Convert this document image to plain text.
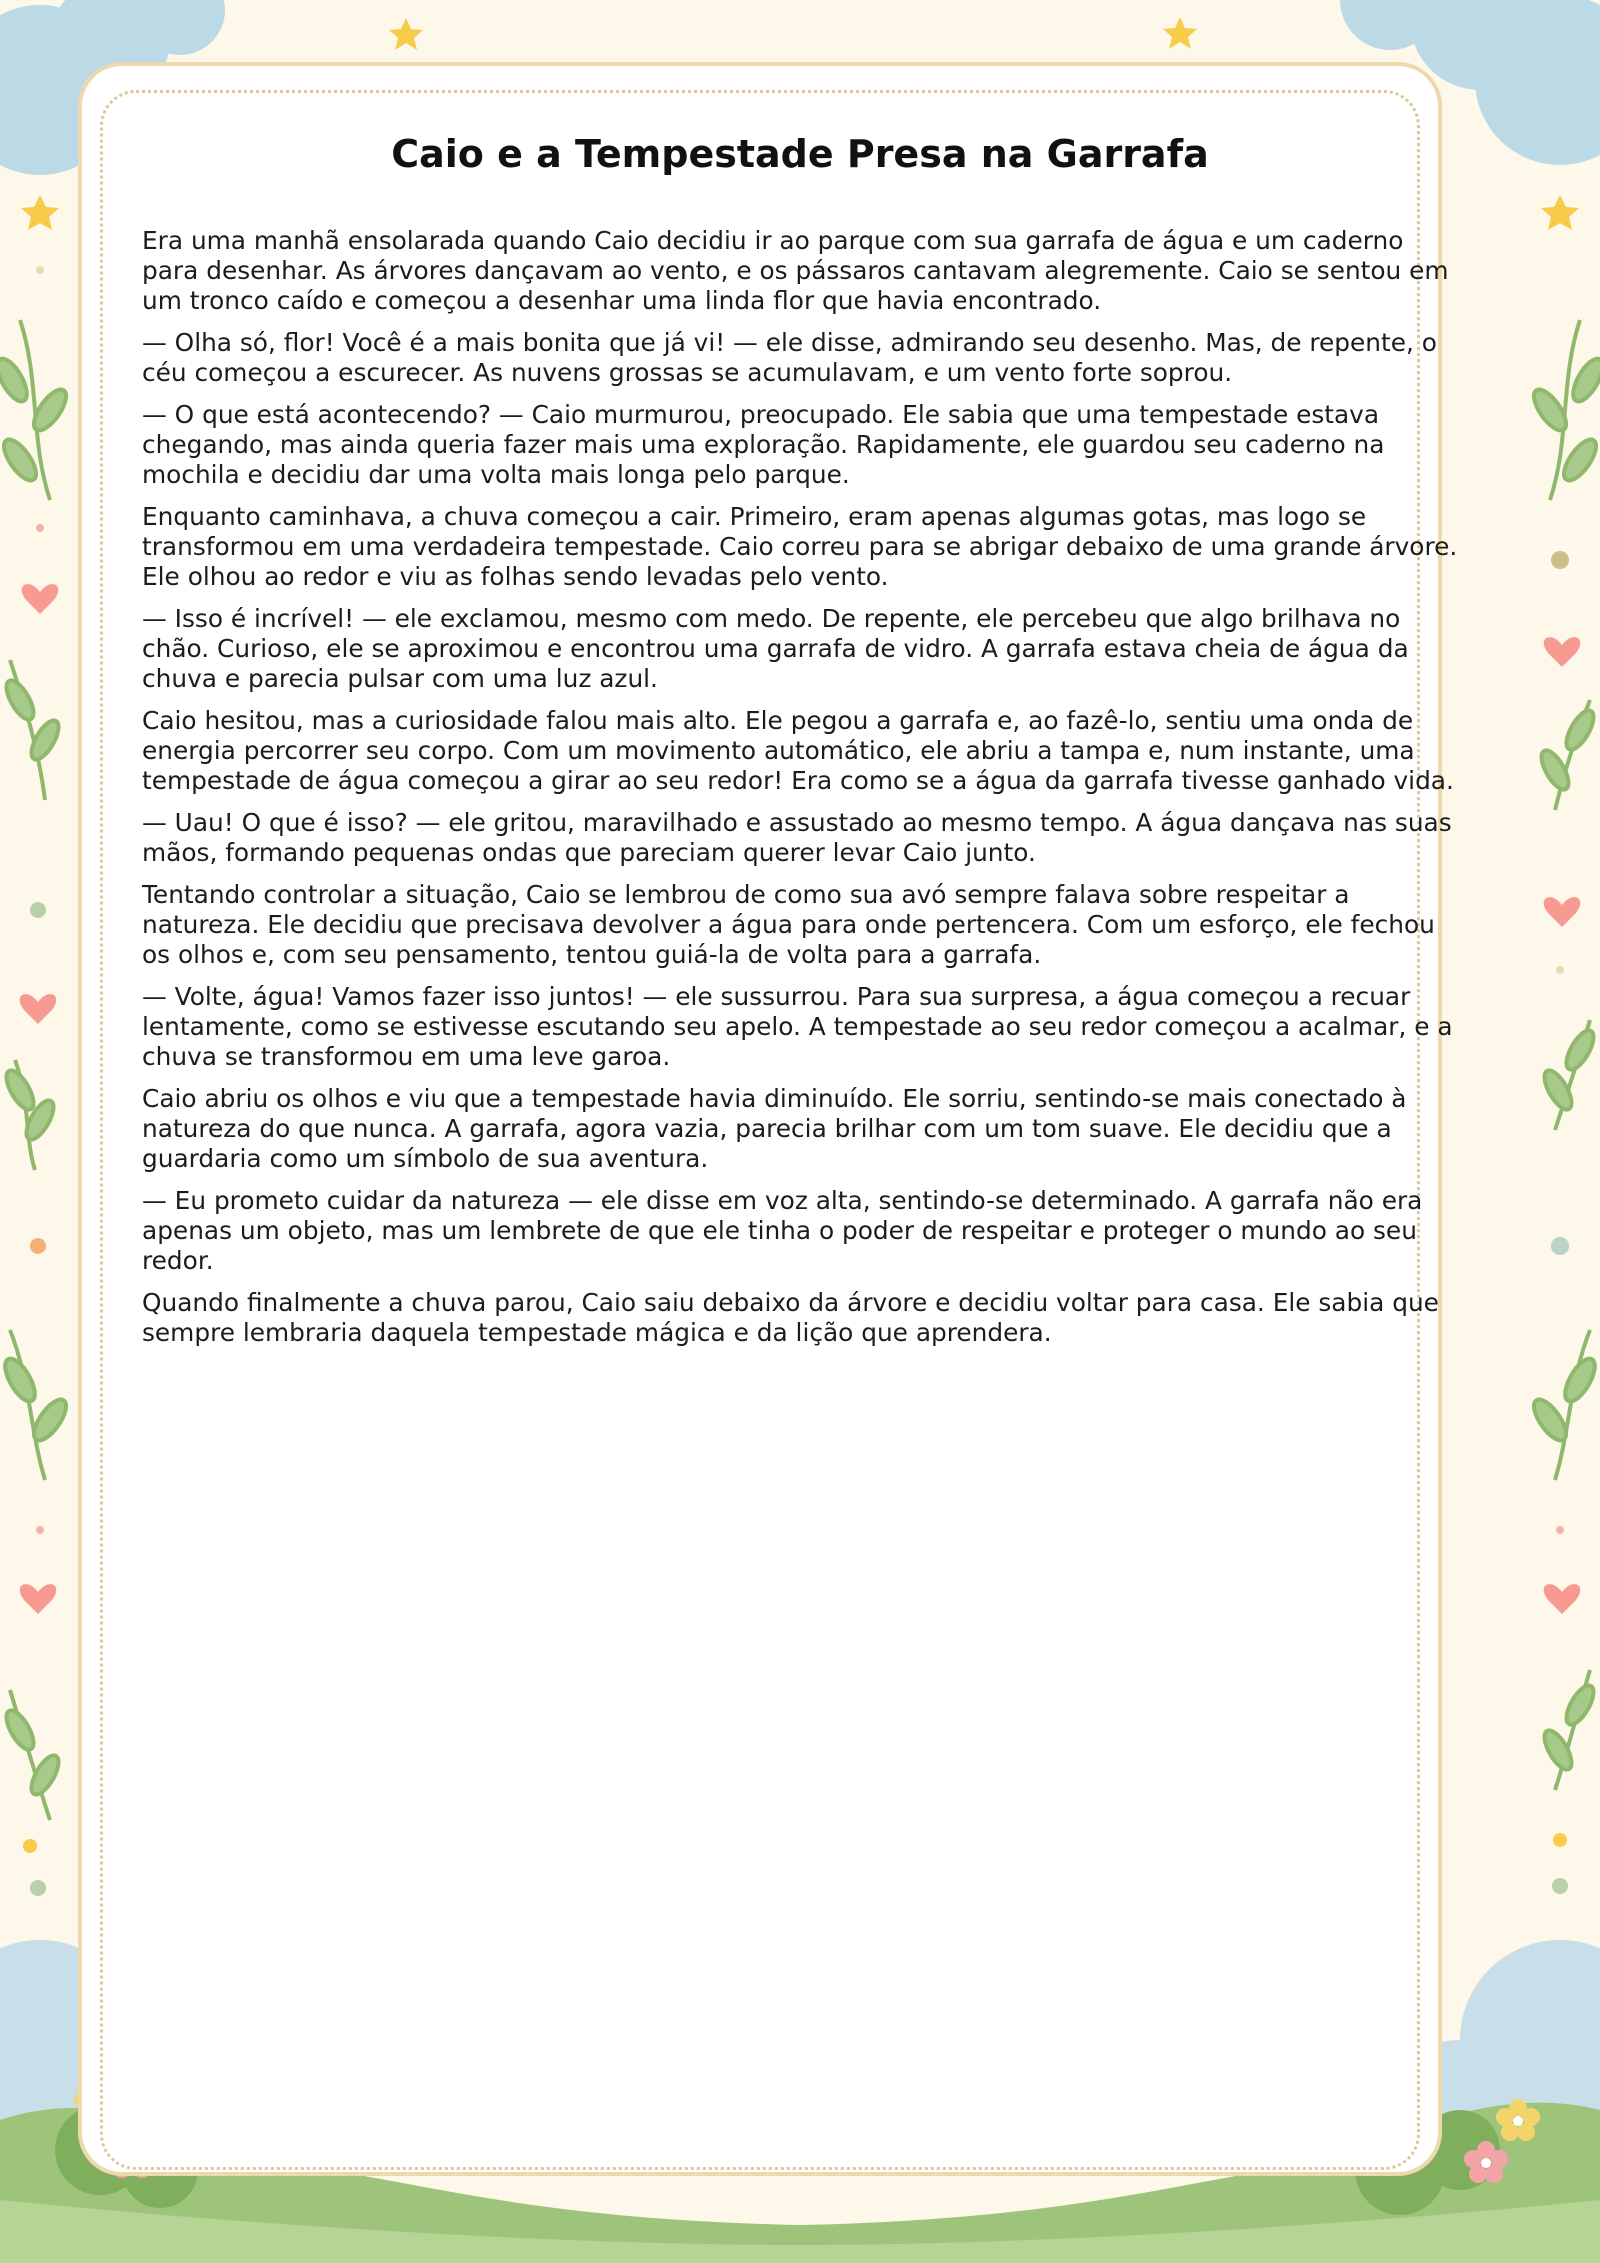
Caio e a Tempestade Presa na Garrafa

Era uma manhã ensolarada quando Caio decidiu ir ao parque com sua garrafa de água e um caderno para desenhar. As árvores dançavam ao vento, e os pássaros cantavam alegremente. Caio se sentou em um tronco caído e começou a desenhar uma linda flor que havia encontrado.

— Olha só, flor! Você é a mais bonita que já vi! — ele disse, admirando seu desenho. Mas, de repente, o céu começou a escurecer. As nuvens grossas se acumulavam, e um vento forte soprou.

— O que está acontecendo? — Caio murmurou, preocupado. Ele sabia que uma tempestade estava chegando, mas ainda queria fazer mais uma exploração. Rapidamente, ele guardou seu caderno na mochila e decidiu dar uma volta mais longa pelo parque.

Enquanto caminhava, a chuva começou a cair. Primeiro, eram apenas algumas gotas, mas logo se transformou em uma verdadeira tempestade. Caio correu para se abrigar debaixo de uma grande árvore. Ele olhou ao redor e viu as folhas sendo levadas pelo vento.

— Isso é incrível! — ele exclamou, mesmo com medo. De repente, ele percebeu que algo brilhava no chão. Curioso, ele se aproximou e encontrou uma garrafa de vidro. A garrafa estava cheia de água da chuva e parecia pulsar com uma luz azul.

Caio hesitou, mas a curiosidade falou mais alto. Ele pegou a garrafa e, ao fazê-lo, sentiu uma onda de energia percorrer seu corpo. Com um movimento automático, ele abriu a tampa e, num instante, uma tempestade de água começou a girar ao seu redor! Era como se a água da garrafa tivesse ganhado vida.

— Uau! O que é isso? — ele gritou, maravilhado e assustado ao mesmo tempo. A água dançava nas suas mãos, formando pequenas ondas que pareciam querer levar Caio junto.

Tentando controlar a situação, Caio se lembrou de como sua avó sempre falava sobre respeitar a natureza. Ele decidiu que precisava devolver a água para onde pertencera. Com um esforço, ele fechou os olhos e, com seu pensamento, tentou guiá-la de volta para a garrafa.

— Volte, água! Vamos fazer isso juntos! — ele sussurrou. Para sua surpresa, a água começou a recuar lentamente, como se estivesse escutando seu apelo. A tempestade ao seu redor começou a acalmar, e a chuva se transformou em uma leve garoa.

Caio abriu os olhos e viu que a tempestade havia diminuído. Ele sorriu, sentindo-se mais conectado à natureza do que nunca. A garrafa, agora vazia, parecia brilhar com um tom suave. Ele decidiu que a guardaria como um símbolo de sua aventura.

— Eu prometo cuidar da natureza — ele disse em voz alta, sentindo-se determinado. A garrafa não era apenas um objeto, mas um lembrete de que ele tinha o poder de respeitar e proteger o mundo ao seu redor.

Quando finalmente a chuva parou, Caio saiu debaixo da árvore e decidiu voltar para casa. Ele sabia que sempre lembraria daquela tempestade mágica e da lição que aprendera.
